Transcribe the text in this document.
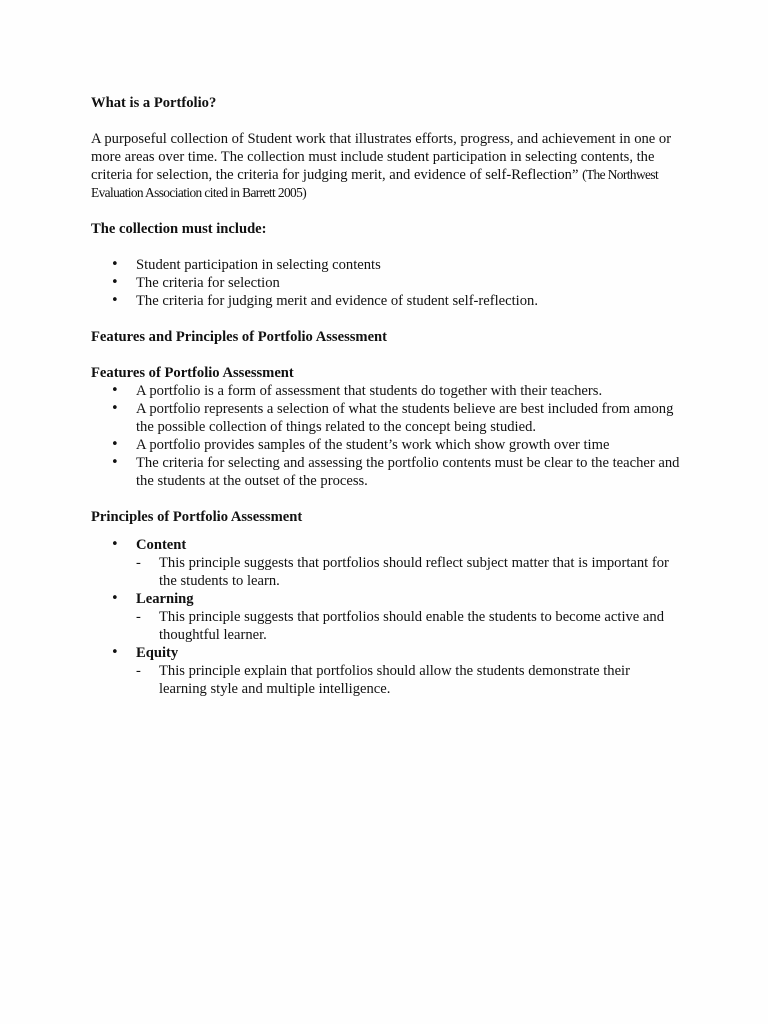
What is a Portfolio?

A purposeful collection of Student work that illustrates efforts, progress, and achievement in one or more areas over time. The collection must include student participation in selecting contents, the criteria for selection, the criteria for judging merit, and evidence of self-Reflection” (The Northwest Evaluation Association cited in Barrett 2005)

The collection must include:

• Student participation in selecting contents
• The criteria for selection
• The criteria for judging merit and evidence of student self-reflection.

Features and Principles of Portfolio Assessment

Features of Portfolio Assessment

• A portfolio is a form of assessment that students do together with their teachers.
• A portfolio represents a selection of what the students believe are best included from among the possible collection of things related to the concept being studied.
• A portfolio provides samples of the student’s work which show growth over time
• The criteria for selecting and assessing the portfolio contents must be clear to the teacher and the students at the outset of the process.

Principles of Portfolio Assessment

• Content
- This principle suggests that portfolios should reflect subject matter that is important for the students to learn.
• Learning
- This principle suggests that portfolios should enable the students to become active and thoughtful learner.
• Equity
- This principle explain that portfolios should allow the students demonstrate their learning style and multiple intelligence.
